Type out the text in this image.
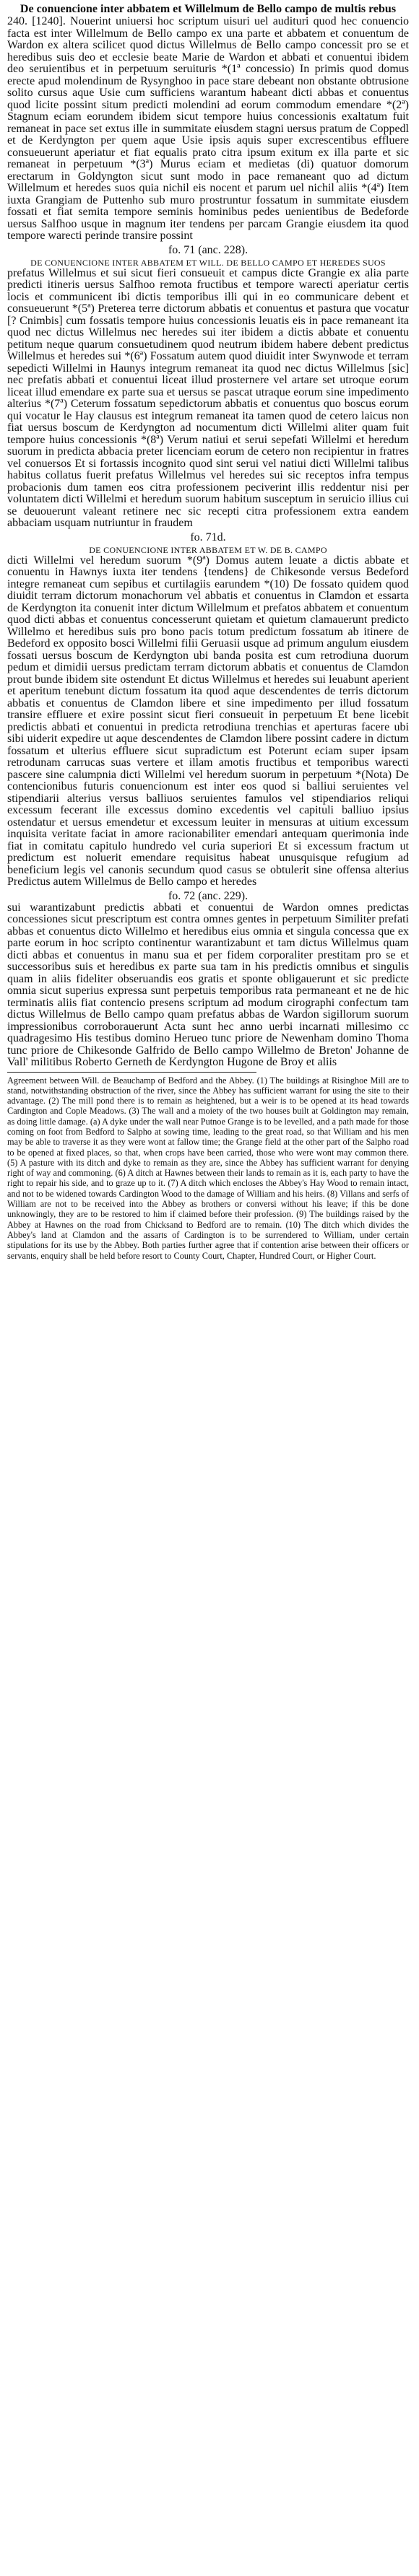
De conuencione inter abbatem et Willelmum de Bello campo de multis rebus

240. [1240]. Nouerint uniuersi hoc scriptum uisuri uel audituri quod hec conuencio facta est inter Willelmum de Bello campo ex una parte et abbatem et conuentum de Wardon ex altera scilicet quod dictus Willelmus de Bello campo concessit pro se et heredibus suis deo et ecclesie beate Marie de Wardon et abbati et conuentui ibidem deo seruientibus et in perpetuum seruituris *(1ª concessio) In primis quod domus erecte apud molendinum de Rysynghoo in pace stare debeant non obstante obtrusione solito cursus aque Usie cum sufficiens warantum habeant dicti abbas et conuentus quod licite possint situm predicti molendini ad eorum commodum emendare *(2ª) Stagnum eciam eorundem ibidem sicut tempore huius concessionis exaltatum fuit remaneat in pace set extus ille in summitate eiusdem stagni uersus pratum de Coppedl et de Kerdyngton per quem aque Usie ipsis aquis super excrescentibus effluere consueuerunt aperiatur et fiat equalis prato citra ipsum exitum ex illa parte et sic remaneat in perpetuum *(3ª) Murus eciam et medietas (di) quatuor domorum erectarum in Goldyngton sicut sunt modo in pace remaneant quo ad dictum Willelmum et heredes suos quia nichil eis nocent et parum uel nichil aliis *(4ª) Item iuxta Grangiam de Puttenho sub muro prostruntur fossatum in summitate eiusdem fossati et fiat semita tempore seminis hominibus pedes uenientibus de Bedeforde uersus Salfhoo usque in magnum iter tendens per parcam Grangie eiusdem ita quod tempore warecti perinde transire possint

fo. 71 (anc. 228).
DE CONUENCIONE INTER ABBATEM ET WILL. DE BELLO CAMPO ET HEREDES SUOS

prefatus Willelmus et sui sicut fieri consueuit et campus dicte Grangie ex alia parte predicti itineris uersus Salfhoo remota fructibus et tempore warecti aperiatur certis locis et communicent ibi dictis temporibus illi qui in eo communicare debent et consueuerunt *(5ª) Preterea terre dictorum abbatis et conuentus et pastura que vocatur [? Cnimbis] cum fossatis tempore huius concessionis leuatis eis in pace remaneant ita quod nec dictus Willelmus nec heredes sui iter ibidem a dictis abbate et conuentu petitum neque quarum consuetudinem quod neutrum ibidem habere debent predictus Willelmus et heredes sui *(6ª) Fossatum autem quod diuidit inter Swynwode et terram sepedicti Willelmi in Haunys integrum remaneat ita quod nec dictus Willelmus [sic] nec prefatis abbati et conuentui liceat illud prosternere vel artare set utroque eorum liceat illud emendare ex parte sua et uersus se pascat utraque eorum sine impedimento alterius *(7ª) Ceterum fossatum sepedictorum abbatis et conuentus quo boscus eorum qui vocatur le Hay clausus est integrum remaneat ita tamen quod de cetero laicus non fiat uersus boscum de Kerdyngton ad nocumentum dicti Willelmi aliter quam fuit tempore huius concessionis *(8ª) Verum natiui et serui sepefati Willelmi et heredum suorum in predicta abbacia preter licenciam eorum de cetero non recipientur in fratres vel conuersos Et si fortassis incognito quod sint serui vel natiui dicti Willelmi talibus habitus collatus fuerit prefatus Willelmus vel heredes sui sic receptos infra tempus probacionis dum tamen eos citra professionem peciverint illis reddentur nisi per voluntatem dicti Willelmi et heredum suorum habitum susceptum in seruicio illius cui se deuouerunt valeant retinere nec sic recepti citra professionem extra eandem abbaciam usquam nutriuntur in fraudem

fo. 71d.
DE CONUENCIONE INTER ABBATEM ET W. DE B. CAMPO

dicti Willelmi vel heredum suorum *(9ª) Domus autem leuate a dictis abbate et conuentu in Hawnys iuxta iter tendens {tendens} de Chikesonde versus Bedeford integre remaneat cum sepibus et curtilagiis earundem *(10) De fossato quidem quod diuidit terram dictorum monachorum vel abbatis et conuentus in Clamdon et essarta de Kerdyngton ita conuenit inter dictum Willelmum et prefatos abbatem et conuentum quod dicti abbas et conuentus concesserunt quietam et quietum clamauerunt predicto Willelmo et heredibus suis pro bono pacis totum predictum fossatum ab itinere de Bedeford ex opposito bosci Willelmi filii Geruasii usque ad primum angulum eiusdem fossati uersus boscum de Kerdyngton ubi banda posita est cum retrodiuna duorum pedum et dimidii uersus predictam terram dictorum abbatis et conuentus de Clamdon prout bunde ibidem site ostendunt Et dictus Willelmus et heredes sui leuabunt aperient et aperitum tenebunt dictum fossatum ita quod aque descendentes de terris dictorum abbatis et conuentus de Clamdon libere et sine impedimento per illud fossatum transire effluere et exire possint sicut fieri consueuit in perpetuum Et bene licebit predictis abbati et conuentui in predicta retrodiuna trenchias et aperturas facere ubi sibi uiderit expedire ut aque descendentes de Clamdon libere possint cadere in dictum fossatum et ulterius effluere sicut supradictum est Poterunt eciam super ipsam retrodunam carrucas suas vertere et illam amotis fructibus et temporibus warecti pascere sine calumpnia dicti Willelmi vel heredum suorum in perpetuum *(Nota) De contencionibus futuris conuencionum est inter eos quod si balliui seruientes vel stipendiarii alterius versus balliuos seruientes famulos vel stipendiarios reliqui excessum fecerant ille excessus domino excedentis vel capituli balliuo ipsius ostendatur et uersus emendetur et excessum leuiter in mensuras at uitium excessum inquisita veritate faciat in amore racionabiliter emendari antequam querimonia inde fiat in comitatu capitulo hundredo vel curia superiori Et si excessum fractum ut predictum est noluerit emendare requisitus habeat unusquisque refugium ad beneficium legis vel canonis secundum quod casus se obtulerit sine offensa alterius Predictus autem Willelmus de Bello campo et heredes

fo. 72 (anc. 229).

sui warantizabunt predictis abbati et conuentui de Wardon omnes predictas concessiones sicut prescriptum est contra omnes gentes in perpetuum Similiter prefati abbas et conuentus dicto Willelmo et heredibus eius omnia et singula concessa que ex parte eorum in hoc scripto continentur warantizabunt et tam dictus Willelmus quam dicti abbas et conuentus in manu sua et per fidem corporaliter prestitam pro se et successoribus suis et heredibus ex parte sua tam in his predictis omnibus et singulis quam in aliis fideliter obseruandis eos gratis et sponte obligauerunt et sic predicte omnia sicut superius expressa sunt perpetuis temporibus rata permaneant et ne de hic terminatis aliis fiat contencio presens scriptum ad modum cirographi confectum tam dictus Willelmus de Bello campo quam prefatus abbas de Wardon sigillorum suorum impressionibus corroborauerunt Acta sunt hec anno uerbi incarnati millesimo cc quadragesimo His testibus domino Herueo tunc priore de Newenham domino Thoma tunc priore de Chikesonde Galfrido de Bello campo Willelmo de Breton' Johanne de Vall' militibus Roberto Gerneth de Kerdyngton Hugone de Broy et aliis

Agreement between Will. de Beauchamp of Bedford and the Abbey. (1) The buildings at Risinghoe Mill are to stand, notwithstanding obstruction of the river, since the Abbey has sufficient warrant for using the site to their advantage. (2) The mill pond there is to remain as heightened, but a weir is to be opened at its head towards Cardington and Cople Meadows. (3) The wall and a moiety of the two houses built at Goldington may remain, as doing little damage. (a) A dyke under the wall near Putnoe Grange is to be levelled, and a path made for those coming on foot from Bedford to Salpho at sowing time, leading to the great road, so that William and his men may be able to traverse it as they were wont at fallow time; the Grange field at the other part of the Salpho road to be opened at fixed places, so that, when crops have been carried, those who were wont may common there. (5) A pasture with its ditch and dyke to remain as they are, since the Abbey has sufficient warrant for denying right of way and commoning. (6) A ditch at Hawnes between their lands to remain as it is, each party to have the right to repair his side, and to graze up to it. (7) A ditch which encloses the Abbey's Hay Wood to remain intact, and not to be widened towards Cardington Wood to the damage of William and his heirs. (8) Villans and serfs of William are not to be received into the Abbey as brothers or conversi without his leave; if this be done unknowingly, they are to be restored to him if claimed before their profession. (9) The buildings raised by the Abbey at Hawnes on the road from Chicksand to Bedford are to remain. (10) The ditch which divides the Abbey's land at Clamdon and the assarts of Cardington is to be surrendered to William, under certain stipulations for its use by the Abbey. Both parties further agree that if contention arise between their officers or servants, enquiry shall be held before resort to County Court, Chapter, Hundred Court, or Higher Court.
